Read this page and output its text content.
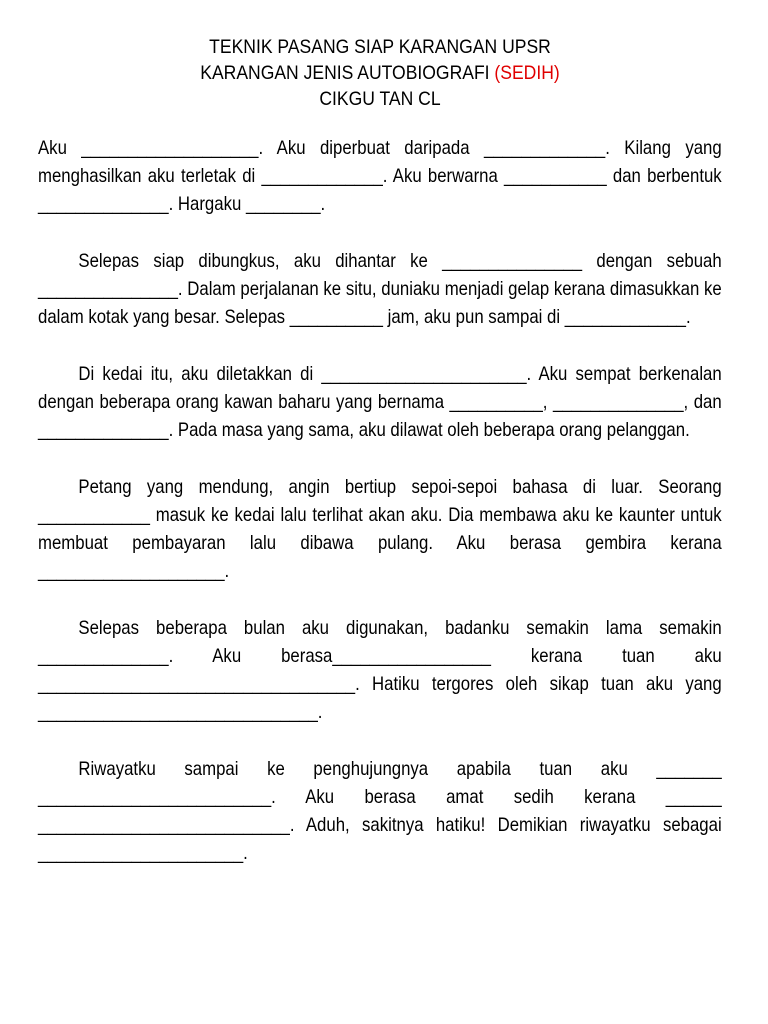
TEKNIK PASANG SIAP KARANGAN UPSR
KARANGAN JENIS AUTOBIOGRAFI (SEDIH)
CIKGU TAN CL

Aku ___________________. Aku diperbuat daripada _____________. Kilang yang menghasilkan aku terletak di _____________. Aku berwarna ___________ dan berbentuk ______________. Hargaku ________.

Selepas siap dibungkus, aku dihantar ke _______________ dengan sebuah _______________. Dalam perjalanan ke situ, duniaku menjadi gelap kerana dimasukkan ke dalam kotak yang besar. Selepas __________ jam, aku pun sampai di _____________.

Di kedai itu, aku diletakkan di ______________________. Aku sempat berkenalan dengan beberapa orang kawan baharu yang bernama __________, ______________, dan ______________. Pada masa yang sama, aku dilawat oleh beberapa orang pelanggan.

Petang yang mendung, angin bertiup sepoi-sepoi bahasa di luar. Seorang ____________ masuk ke kedai lalu terlihat akan aku. Dia membawa aku ke kaunter untuk membuat pembayaran lalu dibawa pulang. Aku berasa gembira kerana ____________________.

Selepas beberapa bulan aku digunakan, badanku semakin lama semakin ______________. Aku berasa_________________ kerana tuan aku __________________________________. Hatiku tergores oleh sikap tuan aku yang ______________________________.

Riwayatku sampai ke penghujungnya apabila tuan aku _______ _________________________. Aku berasa amat sedih kerana ______ ___________________________. Aduh, sakitnya hatiku! Demikian riwayatku sebagai ______________________.
